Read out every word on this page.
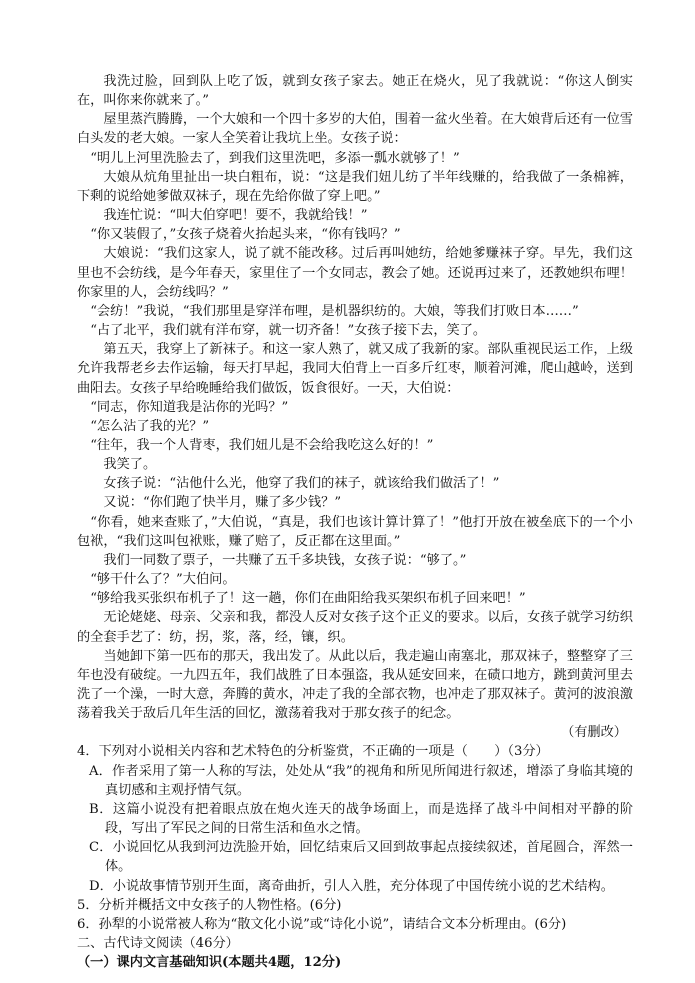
我洗过脸，回到队上吃了饭，就到女孩子家去。她正在烧火，见了我就说：“你这人倒实在，叫你来你就来了。”

屋里蒸汽腾腾，一个大娘和一个四十多岁的大伯，围着一盆火坐着。在大娘背后还有一位雪白头发的老大娘。一家人全笑着让我坑上坐。女孩子说：

“明儿上河里洗脸去了，到我们这里洗吧，多添一瓢水就够了！”

大娘从炕角里扯出一块白粗布，说：“这是我们妞儿纺了半年线赚的，给我做了一条棉裤，下剩的说给她爹做双袜子，现在先给你做了穿上吧。”

我连忙说：“叫大伯穿吧！要不，我就给钱！”

“你又装假了，”女孩子烧着火抬起头来，“你有钱吗？”

大娘说：“我们这家人，说了就不能改移。过后再叫她纺，给她爹赚袜子穿。早先，我们这里也不会纺线，是今年春天，家里住了一个女同志，教会了她。还说再过来了，还教她织布哩！你家里的人，会纺线吗？”

“会纺！”我说，“我们那里是穿洋布哩，是机器织纺的。大娘，等我们打败日本……”

“占了北平，我们就有洋布穿，就一切齐备！”女孩子接下去，笑了。

第五天，我穿上了新袜子。和这一家人熟了，就又成了我新的家。部队重视民运工作，上级允许我帮老乡去作运输，每天打早起，我同大伯背上一百多斤红枣，顺着河滩，爬山越岭，送到曲阳去。女孩子早给晚睡给我们做饭，饭食很好。一天，大伯说：

“同志，你知道我是沾你的光吗？”

“怎么沾了我的光？”

“往年，我一个人背枣，我们妞儿是不会给我吃这么好的！”

我笑了。

女孩子说：“沾他什么光，他穿了我们的袜子，就该给我们做活了！”

又说：“你们跑了快半月，赚了多少钱？”

“你看，她来查账了，”大伯说，“真是，我们也该计算计算了！”他打开放在被垒底下的一个小包袱，“我们这叫包袱账，赚了赔了，反正都在这里面。”

我们一同数了票子，一共赚了五千多块钱，女孩子说：“够了。”

“够干什么了？”大伯问。

“够给我买张织布机子了！这一趟，你们在曲阳给我买架织布机子回来吧！”

无论姥姥、母亲、父亲和我，都没人反对女孩子这个正义的要求。以后，女孩子就学习纺织的全套手艺了：纺，拐，浆，落，经，镶，织。

当她卸下第一匹布的那天，我出发了。从此以后，我走遍山南塞北，那双袜子，整整穿了三年也没有破绽。一九四五年，我们战胜了日本强盗，我从延安回来，在碛口地方，跳到黄河里去洗了一个澡，一时大意，奔腾的黄水，冲走了我的全部衣物，也冲走了那双袜子。黄河的波浪激荡着我关于敌后几年生活的回忆，激荡着我对于那女孩子的纪念。

（有删改）

4．下列对小说相关内容和艺术特色的分析鉴赏，不正确的一项是（　　）（3分）

A．作者采用了第一人称的写法，处处从“我”的视角和所见所闻进行叙述，增添了身临其境的真切感和主观抒情气氛。

B．这篇小说没有把着眼点放在炮火连天的战争场面上，而是选择了战斗中间相对平静的阶段，写出了军民之间的日常生活和鱼水之情。

C．小说回忆从我到河边洗脸开始，回忆结束后又回到故事起点接续叙述，首尾圆合，浑然一体。

D．小说故事情节别开生面，离奇曲折，引人入胜，充分体现了中国传统小说的艺术结构。

5．分析并概括文中女孩子的人物性格。(6分)

6．孙犁的小说常被人称为“散文化小说”或“诗化小说”，请结合文本分析理由。(6分)

二、古代诗文阅读（46分）

（一）课内文言基础知识(本题共4题，12分)
